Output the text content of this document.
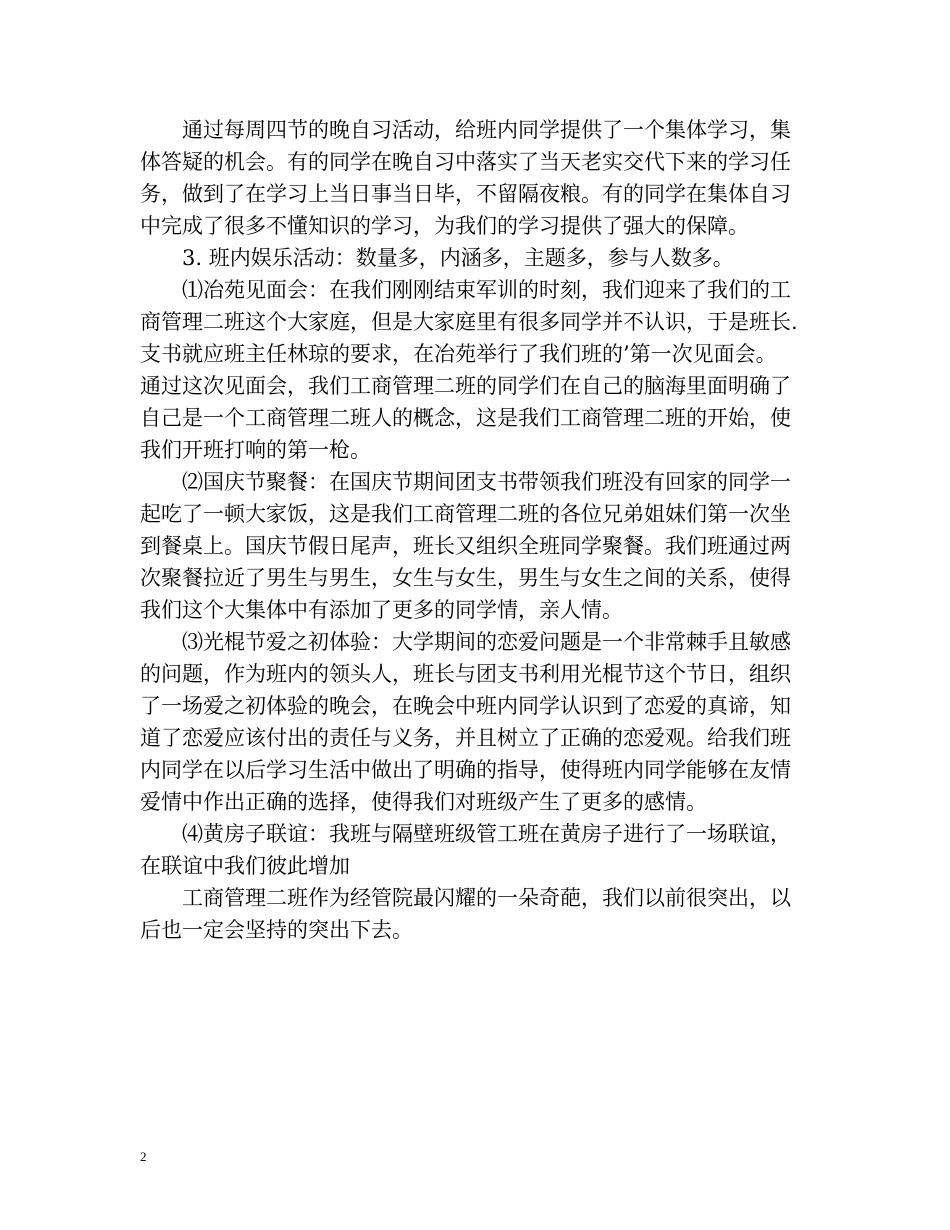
通过每周四节的晚自习活动，给班内同学提供了一个集体学习，集
体答疑的机会。有的同学在晚自习中落实了当天老实交代下来的学习任
务，做到了在学习上当日事当日毕，不留隔夜粮。有的同学在集体自习
中完成了很多不懂知识的学习，为我们的学习提供了强大的保障。
3. 班内娱乐活动：数量多，内涵多，主题多，参与人数多。
⑴冶苑见面会：在我们刚刚结束军训的时刻，我们迎来了我们的工
商管理二班这个大家庭，但是大家庭里有很多同学并不认识，于是班长.
支书就应班主任林琼的要求，在冶苑举行了我们班的’第一次见面会。
通过这次见面会，我们工商管理二班的同学们在自己的脑海里面明确了
自己是一个工商管理二班人的概念，这是我们工商管理二班的开始，使
我们开班打响的第一枪。
⑵国庆节聚餐：在国庆节期间团支书带领我们班没有回家的同学一
起吃了一顿大家饭，这是我们工商管理二班的各位兄弟姐妹们第一次坐
到餐桌上。国庆节假日尾声，班长又组织全班同学聚餐。我们班通过两
次聚餐拉近了男生与男生，女生与女生，男生与女生之间的关系，使得
我们这个大集体中有添加了更多的同学情，亲人情。
⑶光棍节爱之初体验：大学期间的恋爱问题是一个非常棘手且敏感
的问题，作为班内的领头人，班长与团支书利用光棍节这个节日，组织
了一场爱之初体验的晚会，在晚会中班内同学认识到了恋爱的真谛，知
道了恋爱应该付出的责任与义务，并且树立了正确的恋爱观。给我们班
内同学在以后学习生活中做出了明确的指导，使得班内同学能够在友情
爱情中作出正确的选择，使得我们对班级产生了更多的感情。
⑷黄房子联谊：我班与隔壁班级管工班在黄房子进行了一场联谊，
在联谊中我们彼此增加
工商管理二班作为经管院最闪耀的一朵奇葩，我们以前很突出，以
后也一定会坚持的突出下去。
2
